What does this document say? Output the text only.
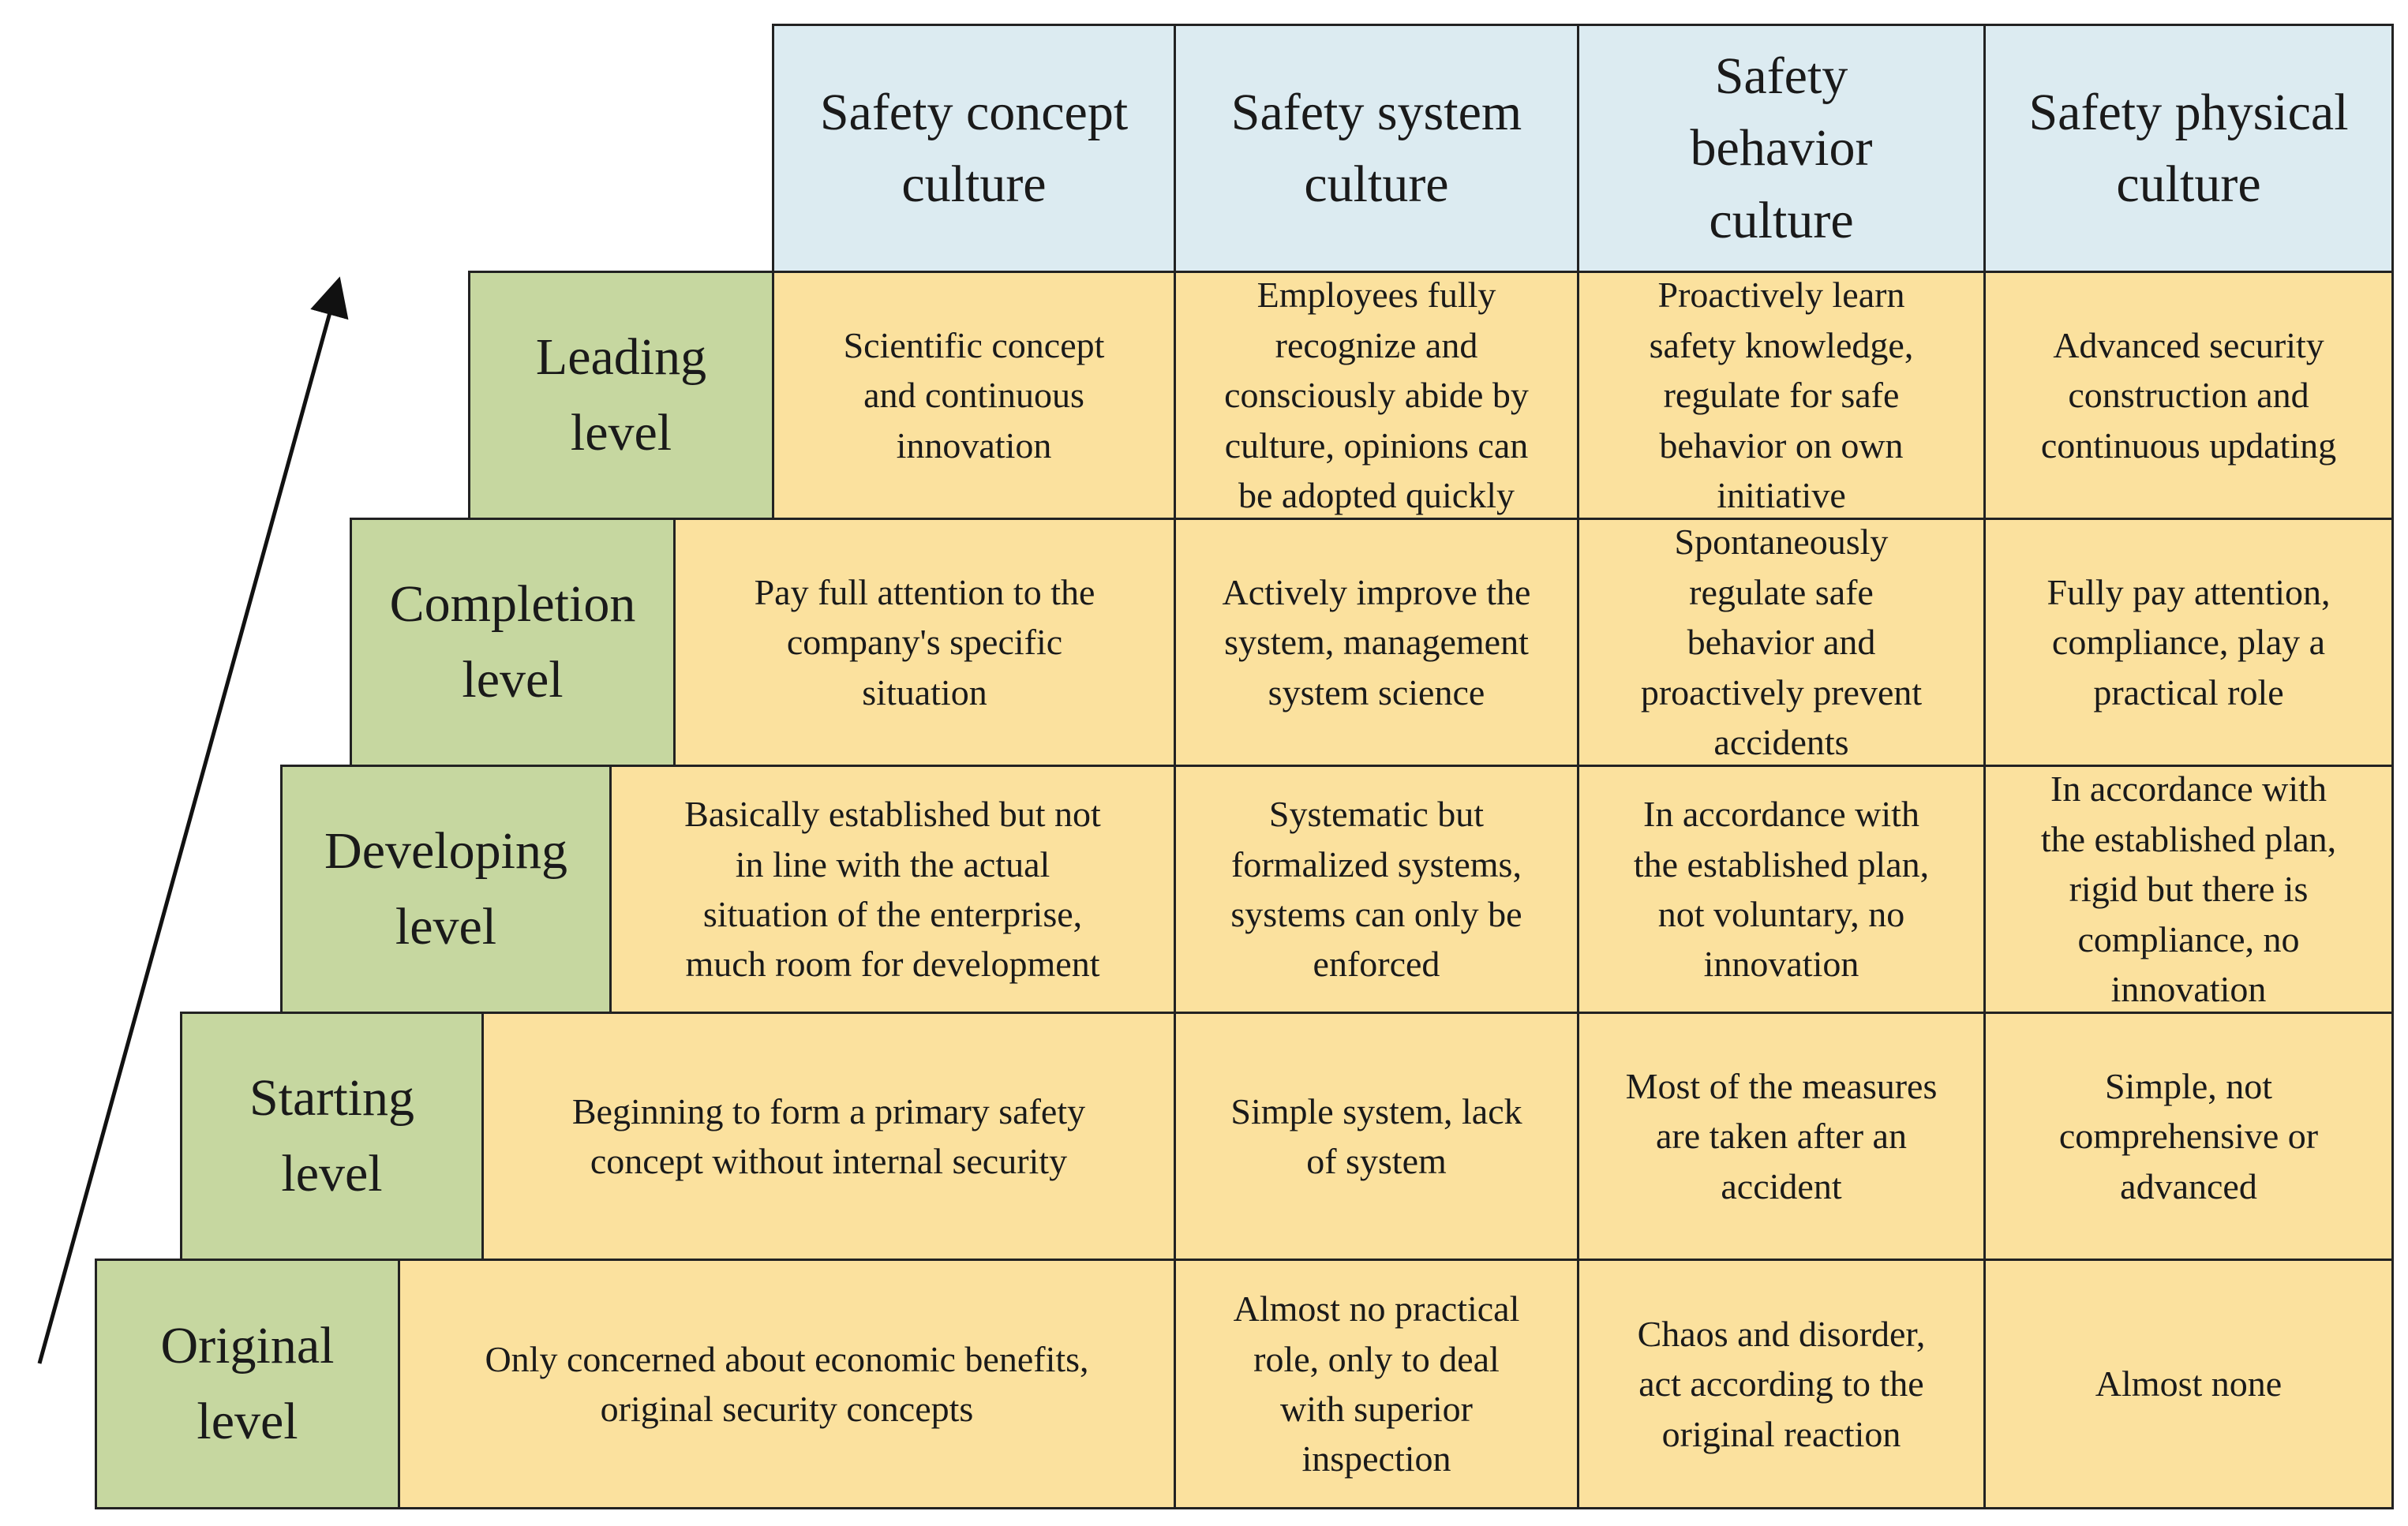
Safety concept
culture
Safety system
culture
Safety
behavior
culture
Safety physical
culture
Leading
level
Scientific concept
and continuous
innovation
Employees fully
recognize and
consciously abide by
culture, opinions can
be adopted quickly
Proactively learn
safety knowledge,
regulate for safe
behavior on own
initiative
Advanced security
construction and
continuous updating
Completion
level
Pay full attention to the
company's specific
situation
Actively improve the
system, management
system science
Spontaneously
regulate safe
behavior and
proactively prevent
accidents
Fully pay attention,
compliance, play a
practical role
Developing
level
Basically established but not
in line with the actual
situation of the enterprise,
much room for development
Systematic but
formalized systems,
systems can only be
enforced
In accordance with
the established plan,
not voluntary, no
innovation
In accordance with
the established plan,
rigid but there is
compliance, no
innovation
Starting
level
Beginning to form a primary safety
concept without internal security
Simple system, lack
of system
Most of the measures
are taken after an
accident
Simple, not
comprehensive or
advanced
Original
level
Only concerned about economic benefits,
original security concepts
Almost no practical
role, only to deal
with superior
inspection
Chaos and disorder,
act according to the
original reaction
Almost none
